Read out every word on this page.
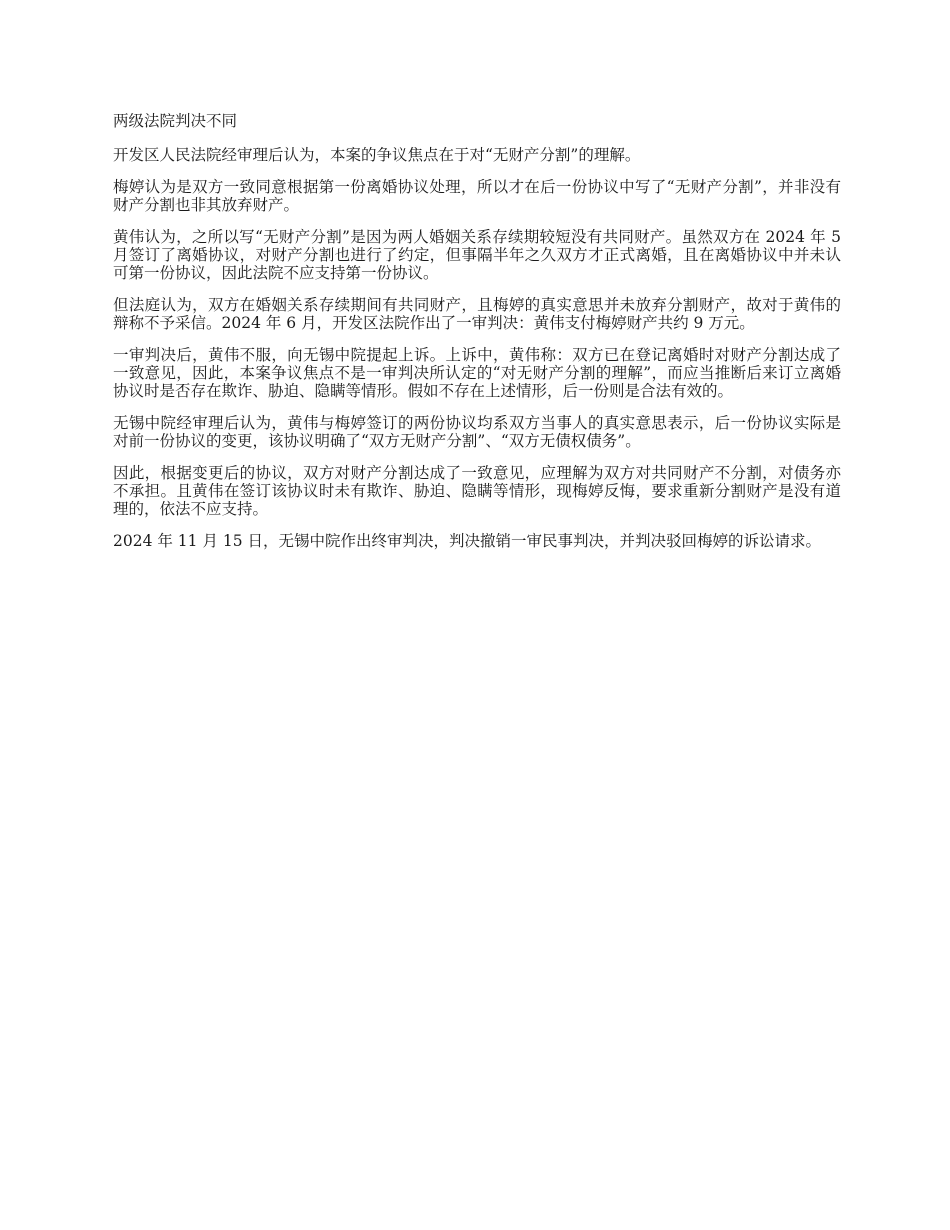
两级法院判决不同

开发区人民法院经审理后认为，本案的争议焦点在于对“无财产分割”的理解。

梅婷认为是双方一致同意根据第一份离婚协议处理，所以才在后一份协议中写了“无财产分割”，并非没有财产分割也非其放弃财产。

黄伟认为，之所以写“无财产分割”是因为两人婚姻关系存续期较短没有共同财产。虽然双方在 2024 年 5 月签订了离婚协议，对财产分割也进行了约定，但事隔半年之久双方才正式离婚，且在离婚协议中并未认可第一份协议，因此法院不应支持第一份协议。

但法庭认为，双方在婚姻关系存续期间有共同财产，且梅婷的真实意思并未放弃分割财产，故对于黄伟的辩称不予采信。2024 年 6 月，开发区法院作出了一审判决：黄伟支付梅婷财产共约 9 万元。

一审判决后，黄伟不服，向无锡中院提起上诉。上诉中，黄伟称：双方已在登记离婚时对财产分割达成了一致意见，因此，本案争议焦点不是一审判决所认定的“对无财产分割的理解”，而应当推断后来订立离婚协议时是否存在欺诈、胁迫、隐瞒等情形。假如不存在上述情形，后一份则是合法有效的。

无锡中院经审理后认为，黄伟与梅婷签订的两份协议均系双方当事人的真实意思表示，后一份协议实际是对前一份协议的变更，该协议明确了“双方无财产分割”、“双方无债权债务”。

因此，根据变更后的协议，双方对财产分割达成了一致意见，应理解为双方对共同财产不分割，对债务亦不承担。且黄伟在签订该协议时未有欺诈、胁迫、隐瞒等情形，现梅婷反悔，要求重新分割财产是没有道理的，依法不应支持。

2024 年 11 月 15 日，无锡中院作出终审判决，判决撤销一审民事判决，并判决驳回梅婷的诉讼请求。
